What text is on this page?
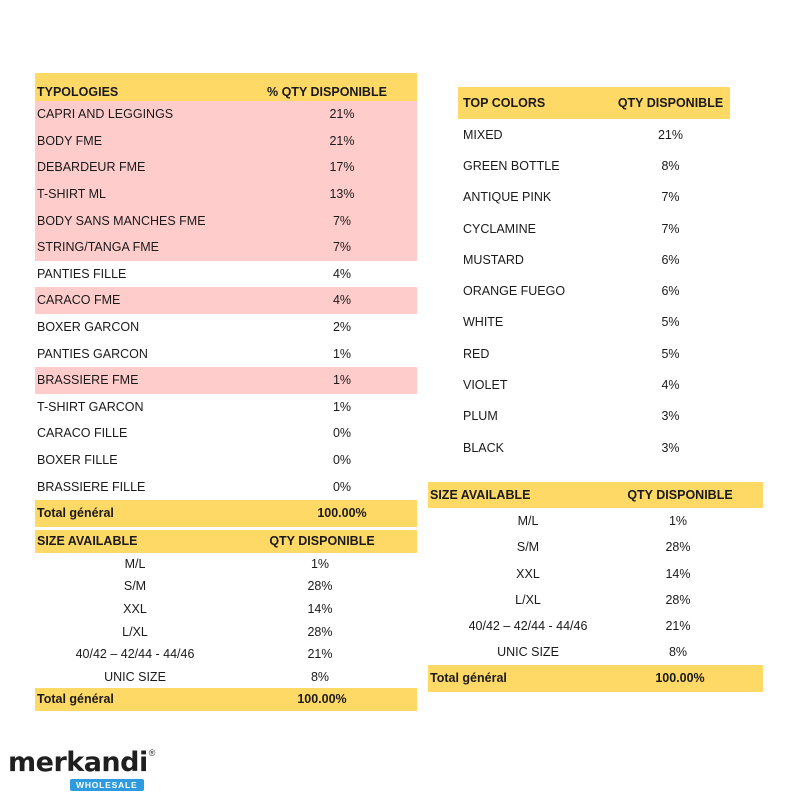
TYPOLOGIES	% QTY DISPONIBLE
CAPRI AND LEGGINGS	21%
BODY FME	21%
DEBARDEUR FME	17%
T-SHIRT ML	13%
BODY SANS MANCHES FME	7%
STRING/TANGA FME	7%
PANTIES FILLE	4%
CARACO FME	4%
BOXER GARCON	2%
PANTIES GARCON	1%
BRASSIERE FME	1%
T-SHIRT GARCON	1%
CARACO FILLE	0%
BOXER FILLE	0%
BRASSIERE FILLE	0%
Total général	100.00%
SIZE AVAILABLE	QTY DISPONIBLE
M/L	1%
S/M	28%
XXL	14%
L/XL	28%
40/42 – 42/44 - 44/46	21%
UNIC SIZE	8%
Total général	100.00%
TOP COLORS	QTY DISPONIBLE
MIXED	21%
GREEN BOTTLE	8%
ANTIQUE PINK	7%
CYCLAMINE	7%
MUSTARD	6%
ORANGE FUEGO	6%
WHITE	5%
RED	5%
VIOLET	4%
PLUM	3%
BLACK	3%
SIZE AVAILABLE	QTY DISPONIBLE
M/L	1%
S/M	28%
XXL	14%
L/XL	28%
40/42 – 42/44 - 44/46	21%
UNIC SIZE	8%
Total général	100.00%
merkandi®
WHOLESALE
